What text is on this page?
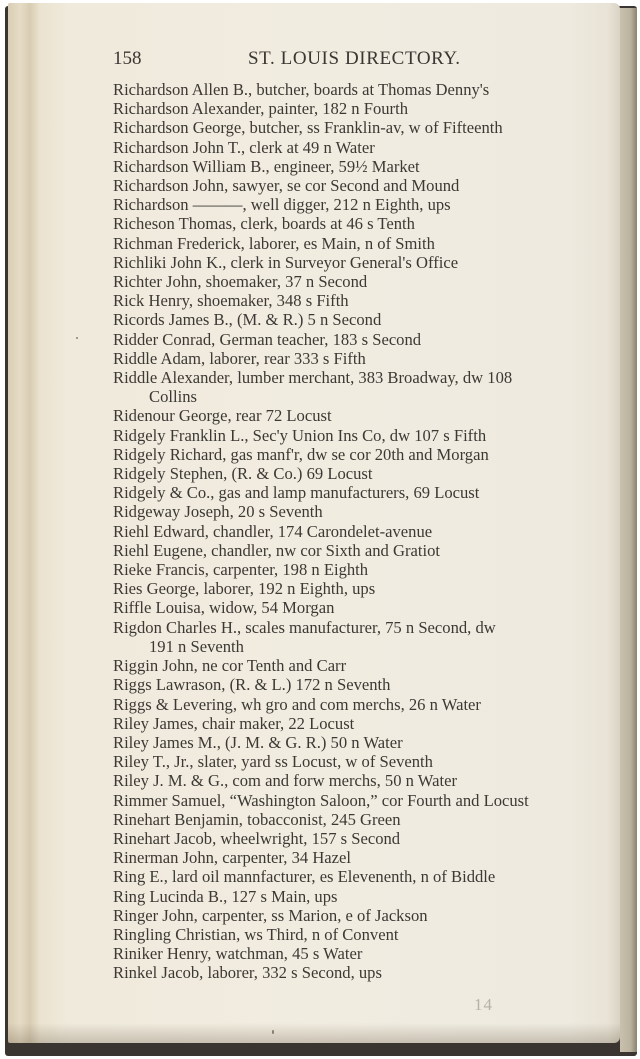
158	ST. LOUIS DIRECTORY.
Richardson Allen B., butcher, boards at Thomas Denny's
Richardson Alexander, painter, 182 n Fourth
Richardson George, butcher, ss Franklin-av, w of Fifteenth
Richardson John T., clerk at 49 n Water
Richardson William B., engineer, 59½ Market
Richardson John, sawyer, se cor Second and Mound
Richardson ———, well digger, 212 n Eighth, ups
Richeson Thomas, clerk, boards at 46 s Tenth
Richman Frederick, laborer, es Main, n of Smith
Richliki John K., clerk in Surveyor General's Office
Richter John, shoemaker, 37 n Second
Rick Henry, shoemaker, 348 s Fifth
Ricords James B., (M. & R.) 5 n Second
Ridder Conrad, German teacher, 183 s Second
Riddle Adam, laborer, rear 333 s Fifth
Riddle Alexander, lumber merchant, 383 Broadway, dw 108
Collins
Ridenour George, rear 72 Locust
Ridgely Franklin L., Sec'y Union Ins Co, dw 107 s Fifth
Ridgely Richard, gas manf'r, dw se cor 20th and Morgan
Ridgely Stephen, (R. & Co.) 69 Locust
Ridgely & Co., gas and lamp manufacturers, 69 Locust
Ridgeway Joseph, 20 s Seventh
Riehl Edward, chandler, 174 Carondelet-avenue
Riehl Eugene, chandler, nw cor Sixth and Gratiot
Rieke Francis, carpenter, 198 n Eighth
Ries George, laborer, 192 n Eighth, ups
Riffle Louisa, widow, 54 Morgan
Rigdon Charles H., scales manufacturer, 75 n Second, dw
191 n Seventh
Riggin John, ne cor Tenth and Carr
Riggs Lawrason, (R. & L.) 172 n Seventh
Riggs & Levering, wh gro and com merchs, 26 n Water
Riley James, chair maker, 22 Locust
Riley James M., (J. M. & G. R.) 50 n Water
Riley T., Jr., slater, yard ss Locust, w of Seventh
Riley J. M. & G., com and forw merchs, 50 n Water
Rimmer Samuel, “Washington Saloon,” cor Fourth and Locust
Rinehart Benjamin, tobacconist, 245 Green
Rinehart Jacob, wheelwright, 157 s Second
Rinerman John, carpenter, 34 Hazel
Ring E., lard oil mannfacturer, es Elevenenth, n of Biddle
Ring Lucinda B., 127 s Main, ups
Ringer John, carpenter, ss Marion, e of Jackson
Ringling Christian, ws Third, n of Convent
Riniker Henry, watchman, 45 s Water
Rinkel Jacob, laborer, 332 s Second, ups
14
